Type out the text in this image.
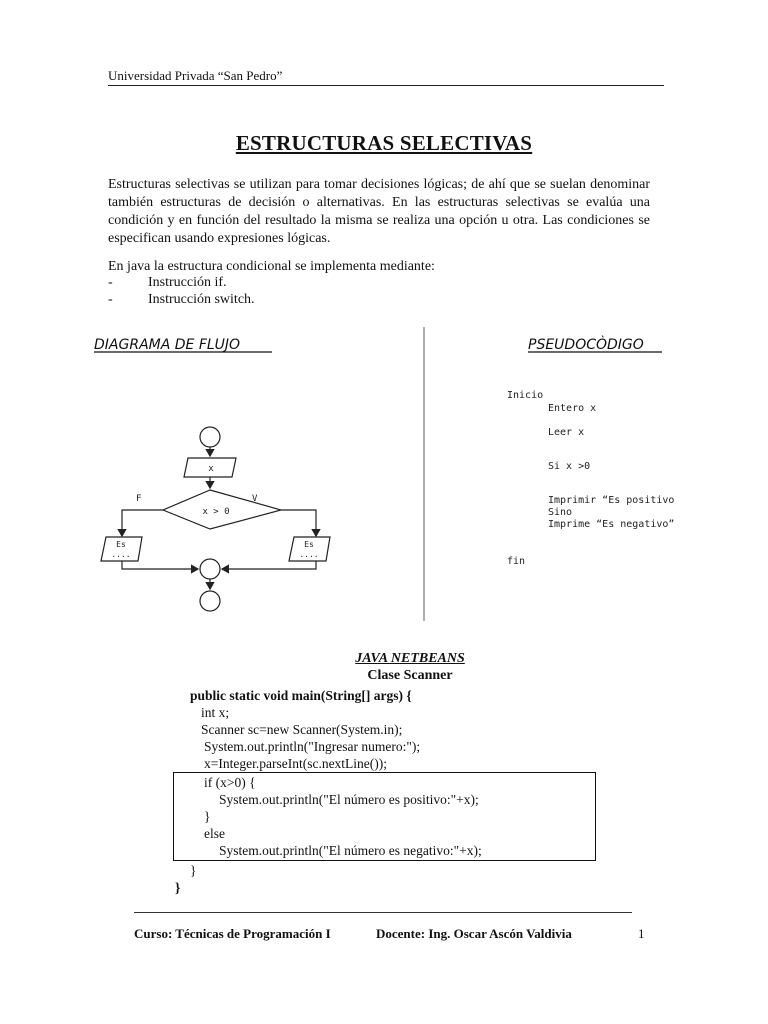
Universidad Privada “San Pedro”
ESTRUCTURAS SELECTIVAS
Estructuras selectivas se utilizan para tomar decisiones lógicas; de ahí que se suelan denominar también estructuras de decisión o alternativas. En las estructuras selectivas se evalúa una condición y en función del resultado la misma se realiza una opción u otra. Las condiciones se especifican usando expresiones lógicas.
En java la estructura condicional se implementa mediante:
-	Instrucción if.
-	Instrucción switch.
DIAGRAMA DE FLUJO	PSEUDOCÒDIGO
x
x > 0
F
Es
....
V
Es
....
Inicio
Entero x
Leer x
Si x >0
Imprimir “Es positivo
Sino
Imprime “Es negativo”
fin
JAVA NETBEANS
Clase Scanner
public static void main(String[] args) {
int x;
Scanner sc=new Scanner(System.in);
System.out.println("Ingresar numero:");
x=Integer.parseInt(sc.nextLine());
if (x>0) {
System.out.println("El número es positivo:"+x);
}
else
System.out.println("El número es negativo:"+x);
}
}
Curso: Técnicas de Programación I	Docente: Ing. Oscar Ascón Valdivia	1
